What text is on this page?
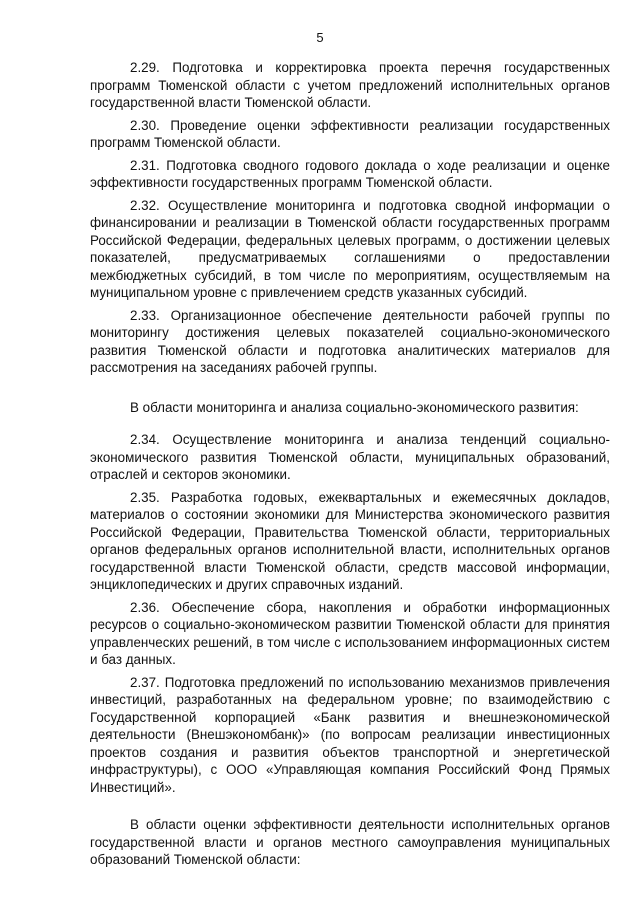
5

2.29. Подготовка и корректировка проекта перечня государственных программ Тюменской области с учетом предложений исполнительных органов государственной власти Тюменской области.

2.30. Проведение оценки эффективности реализации государственных программ Тюменской области.

2.31. Подготовка сводного годового доклада о ходе реализации и оценке эффективности государственных программ Тюменской области.

2.32. Осуществление мониторинга и подготовка сводной информации о финансировании и реализации в Тюменской области государственных программ Российской Федерации, федеральных целевых программ, о достижении целевых показателей, предусматриваемых соглашениями о предоставлении межбюджетных субсидий, в том числе по мероприятиям, осуществляемым на муниципальном уровне с привлечением средств указанных субсидий.

2.33. Организационное обеспечение деятельности рабочей группы по мониторингу достижения целевых показателей социально-экономического развития Тюменской области и подготовка аналитических материалов для рассмотрения на заседаниях рабочей группы.

В области мониторинга и анализа социально-экономического развития:

2.34. Осуществление мониторинга и анализа тенденций социально-экономического развития Тюменской области, муниципальных образований, отраслей и секторов экономики.

2.35. Разработка годовых, ежеквартальных и ежемесячных докладов, материалов о состоянии экономики для Министерства экономического развития Российской Федерации, Правительства Тюменской области, территориальных органов федеральных органов исполнительной власти, исполнительных органов государственной власти Тюменской области, средств массовой информации, энциклопедических и других справочных изданий.

2.36. Обеспечение сбора, накопления и обработки информационных ресурсов о социально-экономическом развитии Тюменской области для принятия управленческих решений, в том числе с использованием информационных систем и баз данных.

2.37. Подготовка предложений по использованию механизмов привлечения инвестиций, разработанных на федеральном уровне; по взаимодействию с Государственной корпорацией «Банк развития и внешнеэкономической деятельности (Внешэкономбанк)» (по вопросам реализации инвестиционных проектов создания и развития объектов транспортной и энергетической инфраструктуры), с ООО «Управляющая компания Российский Фонд Прямых Инвестиций».

В области оценки эффективности деятельности исполнительных органов государственной власти и органов местного самоуправления муниципальных образований Тюменской области:
